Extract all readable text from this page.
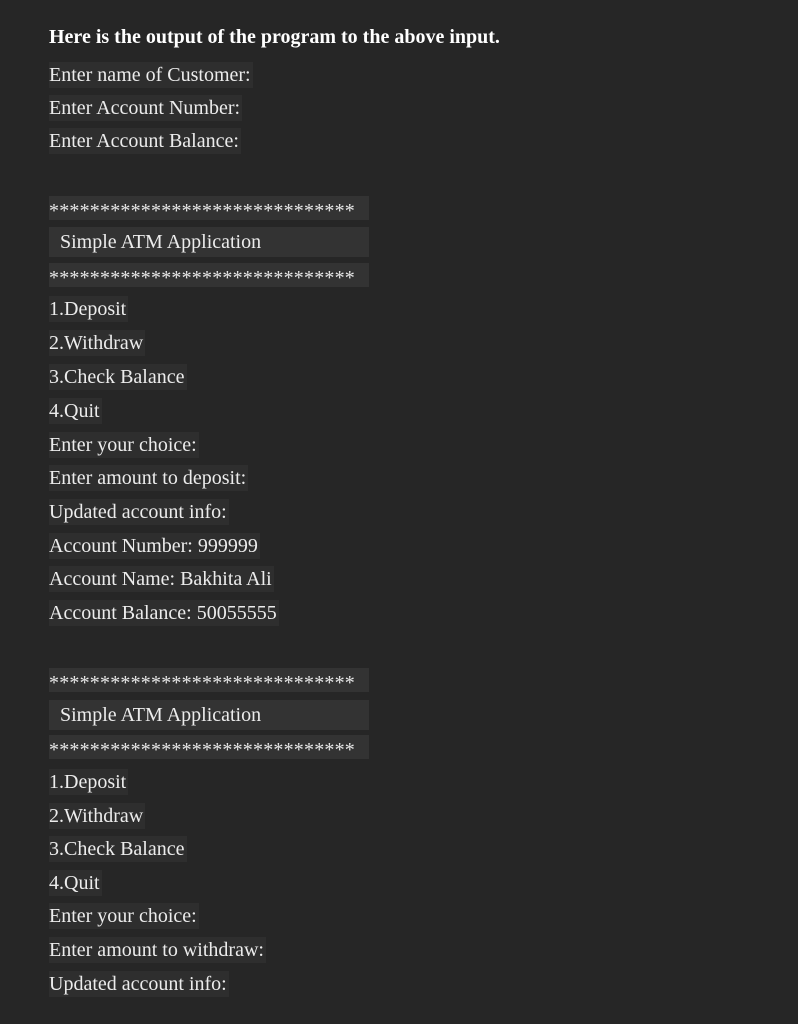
Here is the output of the program to the above input.
Enter name of Customer:
Enter Account Number:
Enter Account Balance:
******************************
Simple ATM Application
******************************
1.Deposit
2.Withdraw
3.Check Balance
4.Quit
Enter your choice:
Enter amount to deposit:
Updated account info:
Account Number: 999999
Account Name: Bakhita Ali
Account Balance: 50055555
******************************
Simple ATM Application
******************************
1.Deposit
2.Withdraw
3.Check Balance
4.Quit
Enter your choice:
Enter amount to withdraw:
Updated account info:
